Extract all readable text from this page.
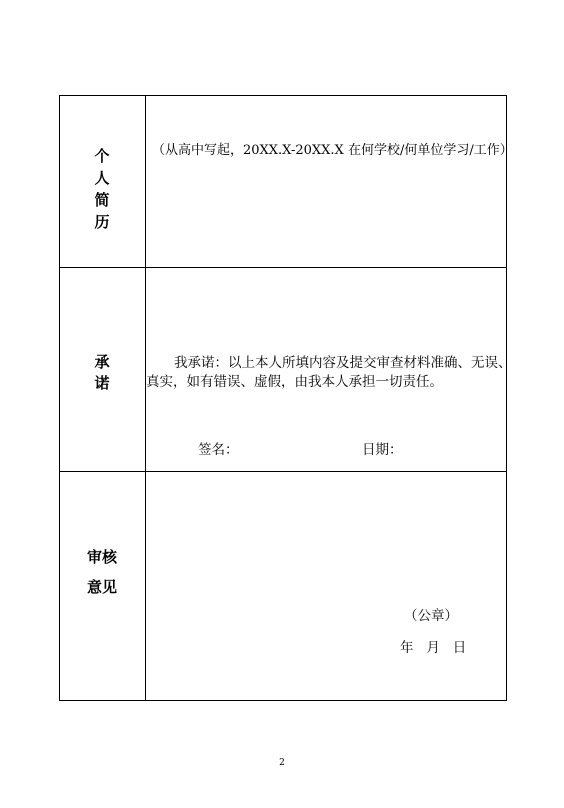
个
人
简
历
（从高中写起，20XX.X-20XX.X 在何学校/何单位学习/工作）
承
诺
我承诺：以上本人所填内容及提交审查材料准确、无误、
真实，如有错误、虚假，由我本人承担一切责任。
签名：	日期：
审核
意见
（公章）
年   月   日
2
